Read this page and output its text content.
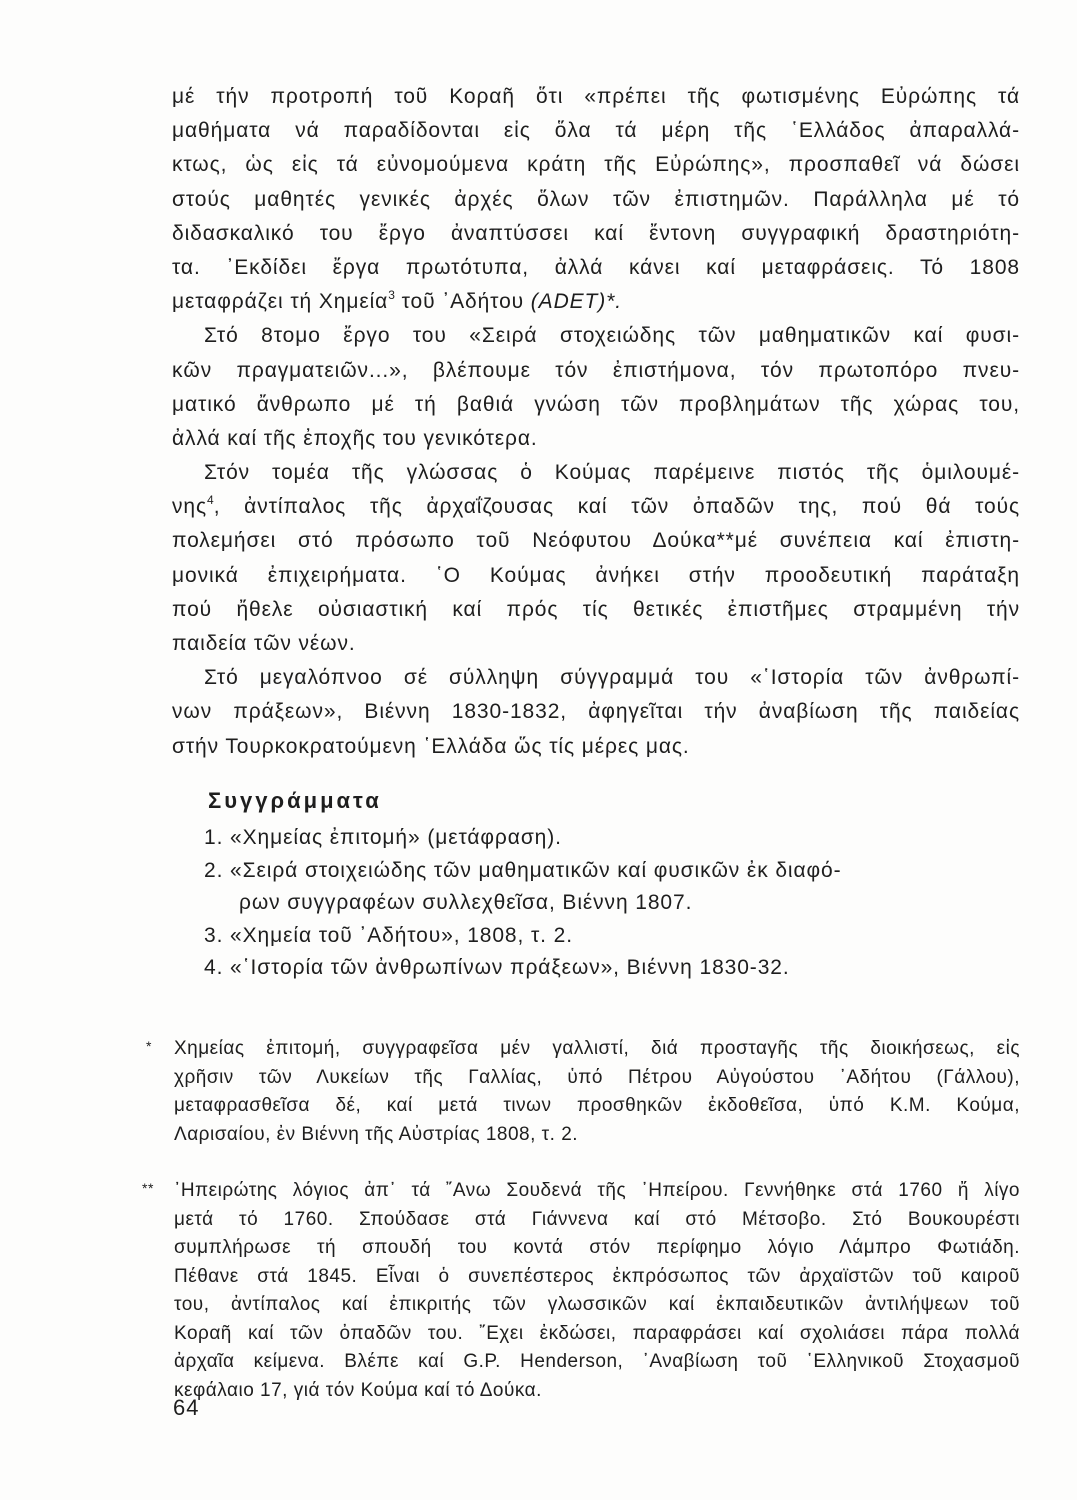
μέ τήν προτροπή τοῦ Κοραῆ ὅτι «πρέπει τῆς φωτισμένης Εὐρώπης τά
μαθήματα νά παραδίδονται εἰς ὅλα τά μέρη τῆς ῾Ελλάδος ἀπαραλλά-
κτως, ὡς εἰς τά εὐνομούμενα κράτη τῆς Εὐρώπης», προσπαθεῖ νά δώσει
στούς μαθητές γενικές ἀρχές ὅλων τῶν ἐπιστημῶν. Παράλληλα μέ τό
διδασκαλικό του ἔργο ἀναπτύσσει καί ἔντονη συγγραφική δραστηριότη-
τα. ᾿Εκδίδει ἔργα πρωτότυπα, ἀλλά κάνει καί μεταφράσεις. Τό 1808
μεταφράζει τή Χημεία$^3$ τοῦ ᾿Αδήτου (ADET)*.
Στό 8τομο ἔργο του «Σειρά στοχειώδης τῶν μαθηματικῶν καί φυσι-
κῶν πραγματειῶν...», βλέπουμε τόν ἐπιστήμονα, τόν πρωτοπόρο πνευ-
ματικό ἄνθρωπο μέ τή βαθιά γνώση τῶν προβλημάτων τῆς χώρας του,
ἀλλά καί τῆς ἐποχῆς του γενικότερα.
Στόν τομέα τῆς γλώσσας ὁ Κούμας παρέμεινε πιστός τῆς ὁμιλουμέ-
νης$^4$, ἀντίπαλος τῆς ἀρχαΐζουσας καί τῶν ὀπαδῶν της, πού θά τούς
πολεμήσει στό πρόσωπο τοῦ Νεόφυτου Δούκα**μέ συνέπεια καί ἐπιστη-
μονικά ἐπιχειρήματα. ῾Ο Κούμας ἀνήκει στήν προοδευτική παράταξη
πού ἤθελε οὐσιαστική καί πρός τίς θετικές ἐπιστῆμες στραμμένη τήν
παιδεία τῶν νέων.
Στό μεγαλόπνοο σέ σύλληψη σύγγραμμά του «῾Ιστορία τῶν ἀνθρωπί-
νων πράξεων», Βιέννη 1830-1832, ἀφηγεῖται τήν ἀναβίωση τῆς παιδείας
στήν Τουρκοκρατούμενη ῾Ελλάδα ὥς τίς μέρες μας.
Συγγράμματα
1. «Χημείας ἐπιτομή» (μετάφραση).
2. «Σειρά στοιχειώδης τῶν μαθηματικῶν καί φυσικῶν ἐκ διαφό-
ρων συγγραφέων συλλεχθεῖσα, Βιέννη 1807.
3. «Χημεία τοῦ ᾿Αδήτου», 1808, τ. 2.
4. «῾Ιστορία τῶν ἀνθρωπίνων πράξεων», Βιέννη 1830-32.
* Χημείας ἐπιτομή, συγγραφεῖσα μέν γαλλιστί, διά προσταγῆς τῆς διοικήσεως, εἰς
χρῆσιν τῶν Λυκείων τῆς Γαλλίας, ὑπό Πέτρου Αὐγούστου ᾿Αδήτου (Γάλλου),
μεταφρασθεῖσα δέ, καί μετά τινων προσθηκῶν ἐκδοθεῖσα, ὑπό Κ.Μ. Κούμα,
Λαρισαίου, ἐν Βιέννη τῆς Αὐστρίας 1808, τ. 2.
** ᾿Ηπειρώτης λόγιος ἀπ᾿ τά ῎Ανω Σουδενά τῆς ᾿Ηπείρου. Γεννήθηκε στά 1760 ἤ λίγο
μετά τό 1760. Σπούδασε στά Γιάννενα καί στό Μέτσοβο. Στό Βουκουρέστι
συμπλήρωσε τή σπουδή του κοντά στόν περίφημο λόγιο Λάμπρο Φωτιάδη.
Πέθανε στά 1845. Εἶναι ὁ συνεπέστερος ἐκπρόσωπος τῶν ἀρχαϊστῶν τοῦ καιροῦ
του, ἀντίπαλος καί ἐπικριτής τῶν γλωσσικῶν καί ἐκπαιδευτικῶν ἀντιλήψεων τοῦ
Κοραῆ καί τῶν ὀπαδῶν του. ῎Εχει ἐκδώσει, παραφράσει καί σχολιάσει πάρα πολλά
ἀρχαῖα κείμενα. Βλέπε καί G.P. Henderson, ᾿Αναβίωση τοῦ ῾Ελληνικοῦ Στοχασμοῦ
κεφάλαιο 17, γιά τόν Κούμα καί τό Δούκα.
64
